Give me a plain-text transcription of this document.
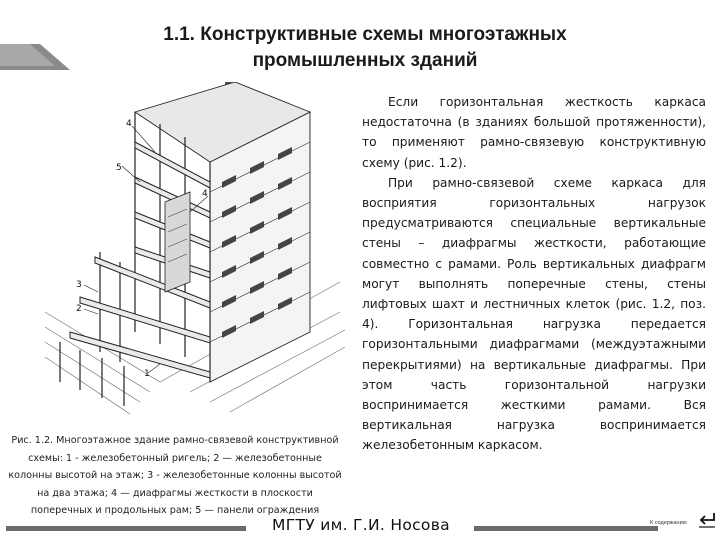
1.1. Конструктивные схемы многоэтажных
промышленных зданий
4
5
4
3
2
1
Рис. 1.2. Многоэтажное здание рамно-связевой конструктивной схемы: 1 - железобетонный ригель; 2 — железобетонные колонны высотой на этаж; 3 - железобетонные колонны высотой на два этажа; 4 — диафрагмы жесткости в плоскости поперечных и продольных рам; 5 — панели ограждения

Если горизонтальная жесткость каркаса недостаточна (в зданиях большой протяженности), то применяют рамно-связевую конструктивную схему (рис. 1.2).

При рамно-связевой схеме каркаса для восприятия горизонтальных нагрузок предусматриваются специальные вертикальные стены – диафрагмы жесткости, работающие совместно с рамами. Роль вертикальных диафрагм могут выполнять поперечные стены, стены лифтовых шахт и лестничных клеток (рис. 1.2, поз. 4). Горизонтальная нагрузка передается горизонтальными диафрагмами (междуэтажными перекрытиями) на вертикальные диафрагмы. При этом часть горизонтальной нагрузки воспринимается жесткими рамами. Вся вертикальная нагрузка воспринимается железобетонным каркасом.

МГТУ им. Г.И. Носова	К содержанию
